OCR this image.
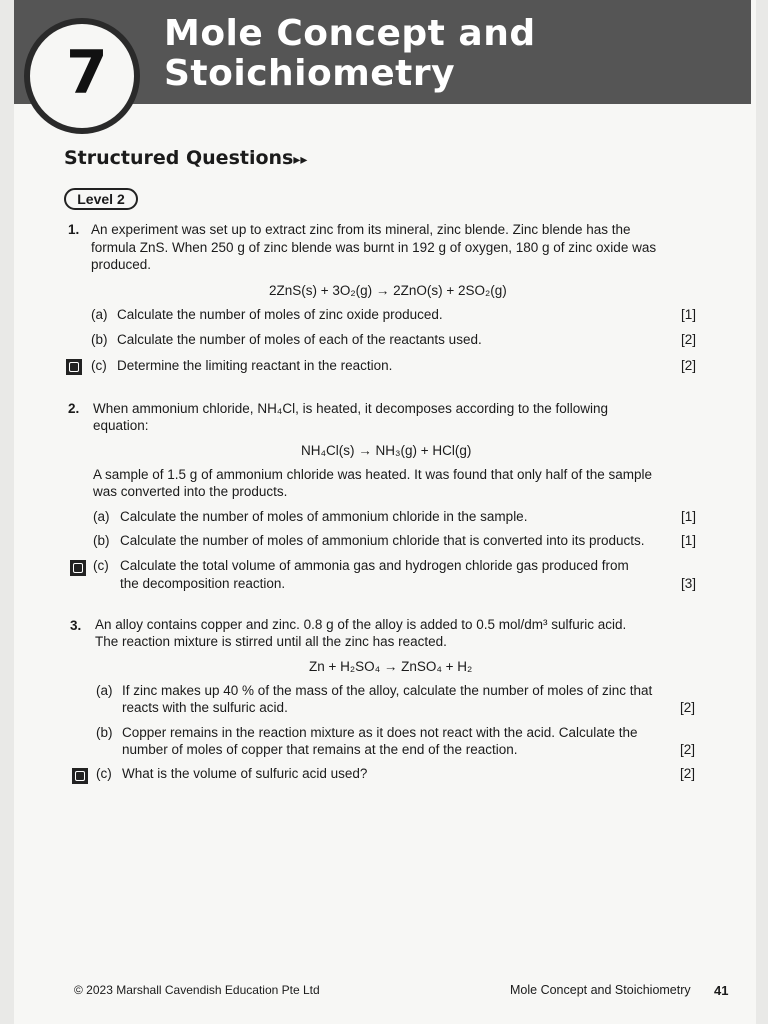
7
Mole Concept and
Stoichiometry
Structured Questions▸▸
Level 2
1. An experiment was set up to extract zinc from its mineral, zinc blende. Zinc blende has the
formula ZnS. When 250 g of zinc blende was burnt in 192 g of oxygen, 180 g of zinc oxide was
produced.
2ZnS(s) + 3O₂(g) → 2ZnO(s) + 2SO₂(g)
(a) Calculate the number of moles of zinc oxide produced.	[1]
(b) Calculate the number of moles of each of the reactants used.	[2]
(c) Determine the limiting reactant in the reaction.	[2]
2. When ammonium chloride, NH₄Cl, is heated, it decomposes according to the following
equation:
NH₄Cl(s) → NH₃(g) + HCl(g)
A sample of 1.5 g of ammonium chloride was heated. It was found that only half of the sample
was converted into the products.
(a) Calculate the number of moles of ammonium chloride in the sample.	[1]
(b) Calculate the number of moles of ammonium chloride that is converted into its products.	[1]
(c) Calculate the total volume of ammonia gas and hydrogen chloride gas produced from
the decomposition reaction.	[3]
3. An alloy contains copper and zinc. 0.8 g of the alloy is added to 0.5 mol/dm³ sulfuric acid.
The reaction mixture is stirred until all the zinc has reacted.
Zn + H₂SO₄ → ZnSO₄ + H₂
(a) If zinc makes up 40 % of the mass of the alloy, calculate the number of moles of zinc that
reacts with the sulfuric acid.	[2]
(b) Copper remains in the reaction mixture as it does not react with the acid. Calculate the
number of moles of copper that remains at the end of the reaction.	[2]
(c) What is the volume of sulfuric acid used?	[2]
© 2023 Marshall Cavendish Education Pte Ltd	Mole Concept and Stoichiometry 41
